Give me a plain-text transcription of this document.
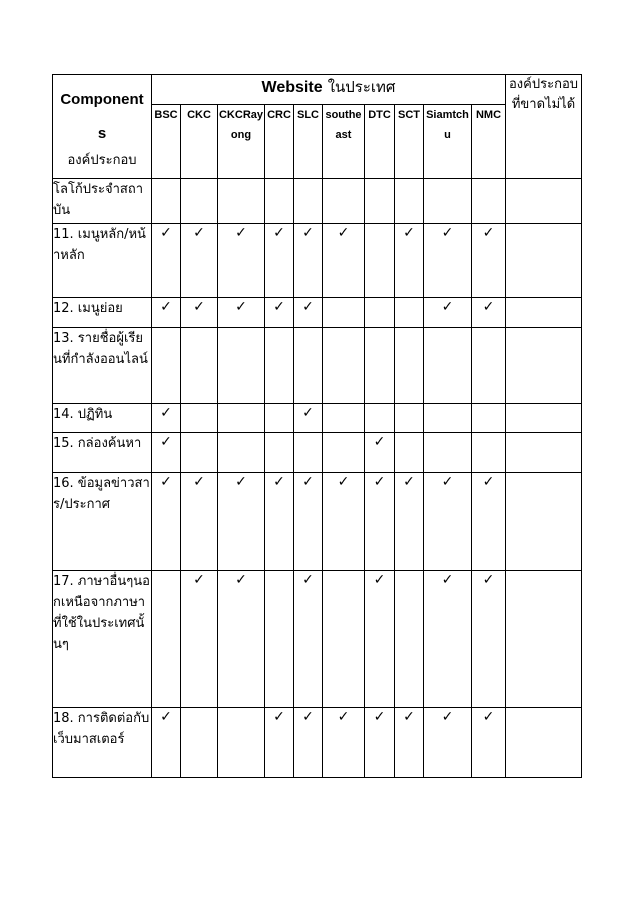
Component
s
องค์ประกอบ	Website ในประเทศ										องค์ประกอบที่ขาดไม่ได้
	BSC	CKC	CKCRayong	CRC	SLC	southeast	DTC	SCT	Siamtchu	NMC	
โลโก้ประจำสถาบัน											
11. เมนูหลัก/หน้าหลัก	✓	✓	✓	✓	✓	✓		✓	✓	✓	
12. เมนูย่อย	✓	✓	✓	✓	✓				✓	✓	
13. รายชื่อผู้เรียนที่กำลังออนไลน์											
14. ปฏิทิน	✓				✓						
15. กล่องค้นหา	✓						✓				
16. ข้อมูลข่าวสาร/ประกาศ	✓	✓	✓	✓	✓	✓	✓	✓	✓	✓	
17. ภาษาอื่นๆนอกเหนือจากภาษาที่ใช้ในประเทศนั้นๆ		✓	✓		✓		✓		✓	✓	
18. การติดต่อกับเว็บมาสเตอร์	✓			✓	✓	✓	✓	✓	✓	✓	
